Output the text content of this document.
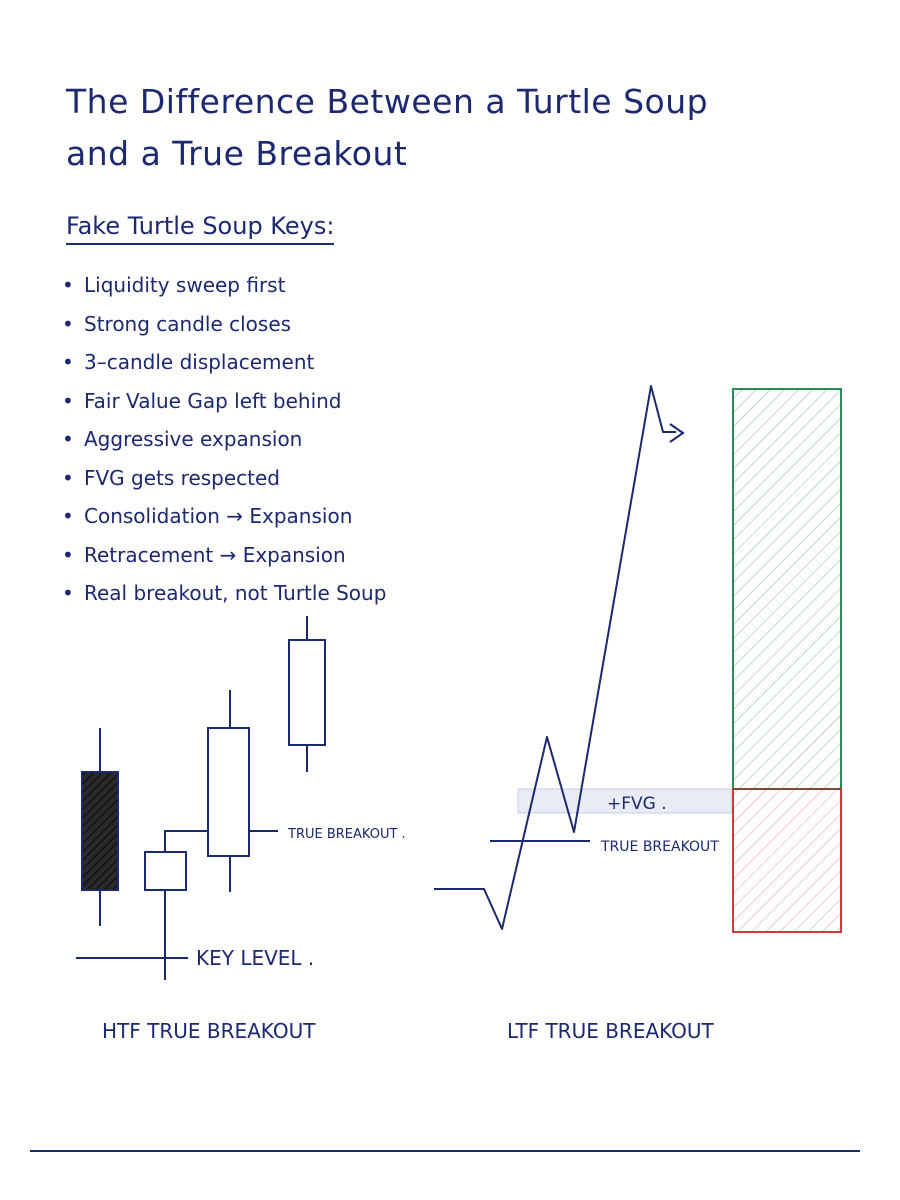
The Difference Between a Turtle Soup
and a True Breakout
Fake Turtle Soup Keys:
• Liquidity sweep first
• Strong candle closes
• 3–candle displacement
• Fair Value Gap left behind
• Aggressive expansion
• FVG gets respected
• Consolidation → Expansion
• Retracement → Expansion
• Real breakout, not Turtle Soup
TRUE BREAKOUT .
KEY LEVEL .
HTF TRUE BREAKOUT
+FVG .
TRUE BREAKOUT
LTF TRUE BREAKOUT
